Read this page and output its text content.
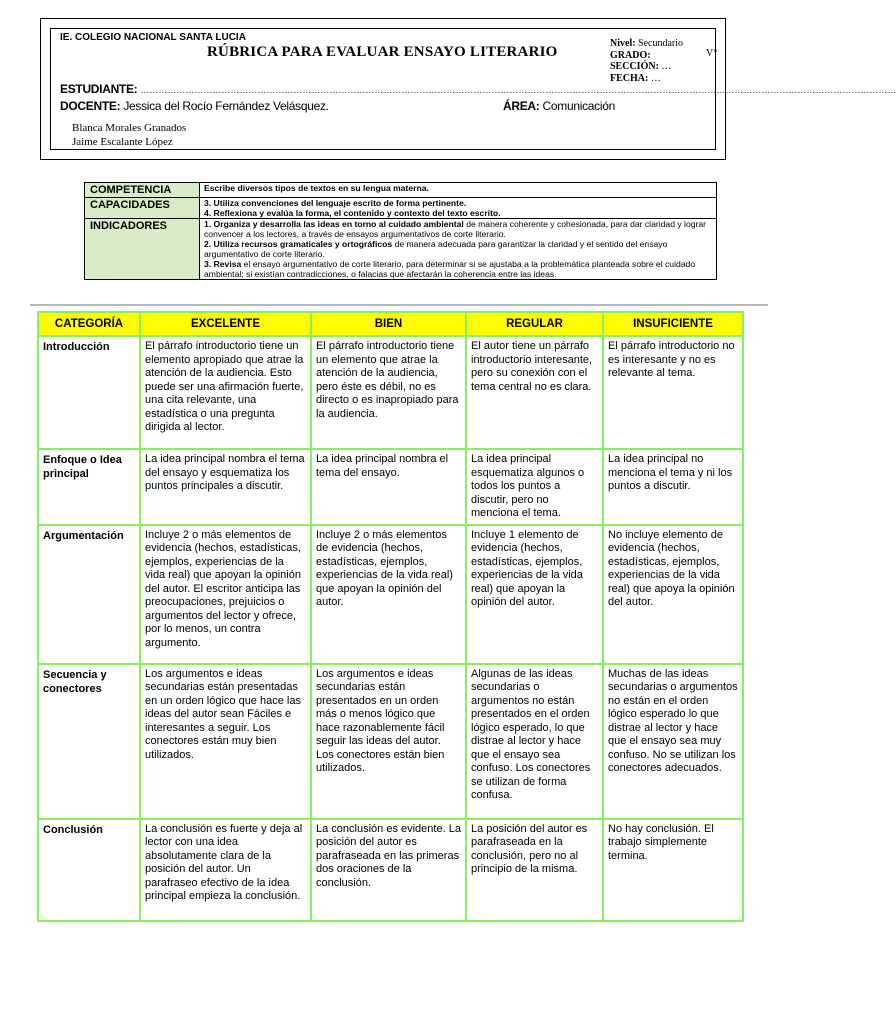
IE. COLEGIO NACIONAL SANTA LUCIA
RÚBRICA PARA EVALUAR ENSAYO LITERARIO
Nivel: Secundario
GRADO:
SECCIÓN: …
FECHA: …
V°
ESTUDIANTE: ………………………………………………………………………………………………………………………………………………………………………………………………………………………………
DOCENTE: Jessica del Rocío Fernández Velásquez.	ÁREA: Comunicación
Blanca Morales Granados
Jaime Escalante López
COMPETENCIA	Escribe diversos tipos de textos en su lengua materna.
CAPACIDADES	3. Utiliza convenciones del lenguaje escrito de forma pertinente.
4. Reflexiona y evalúa la forma, el contenido y contexto del texto escrito.

INDICADORES	1. Organiza y desarrolla las ideas en torno al cuidado ambiental de manera coherente y cohesionada, para dar claridad y lograr convencer a los lectores, a través de ensayos argumentativos de corte literario.
2. Utiliza recursos gramaticales y ortográficos de manera adecuada para garantizar la claridad y el sentido del ensayo argumentativo de corte literario.
3. Revisa el ensayo argumentativo de corte literario, para determinar si se ajustaba a la problemática planteada sobre el cuidado ambiental; si existían contradicciones, o falacias que afectarán la coherencia entre las ideas.
CATEGORÍA	EXCELENTE	BIEN	REGULAR	INSUFICIENTE
Introducción	El párrafo introductorio tiene un elemento apropiado que atrae la atención de la audiencia. Esto puede ser una afirmación fuerte, una cita relevante, una estadística o una pregunta dirigida al lector.	El párrafo introductorio tiene un elemento que atrae la atención de la audiencia, pero éste es débil, no es directo o es inapropiado para la audiencia.	El autor tiene un párrafo introductorio interesante, pero su conexión con el tema central no es clara.	El párrafo introductorio no es interesante y no es relevante al tema.
Enfoque o Idea principal	La idea principal nombra el tema del ensayo y esquematiza los puntos principales a discutir.	La idea principal nombra el tema del ensayo.	La idea principal esquematiza algunos o todos los puntos a discutir, pero no menciona el tema.	La idea principal no menciona el tema y ni los puntos a discutir.
Argumentación	Incluye 2 o más elementos de evidencia (hechos, estadísticas, ejemplos, experiencias de la vida real) que apoyan la opinión del autor. El escritor anticipa las preocupaciones, prejuicios o argumentos del lector y ofrece, por lo menos, un contra argumento.	Incluye 2 o más elementos de evidencia (hechos, estadísticas, ejemplos, experiencias de la vida real) que apoyan la opinión del autor.	Incluye 1 elemento de evidencia (hechos, estadísticas, ejemplos, experiencias de la vida real) que apoyan la opinión del autor.	No incluye elemento de evidencia (hechos, estadísticas, ejemplos, experiencias de la vida real) que apoya la opinión del autor.
Secuencia y conectores	Los argumentos e ideas secundarias están presentadas en un orden lógico que hace las ideas del autor sean Fáciles e interesantes a seguir. Los conectores están muy bien utilizados.	Los argumentos e ideas secundarias están presentados en un orden más o menos lógico que hace razonablemente fácil seguir las ideas del autor. Los conectores están bien utilizados.	Algunas de las ideas secundarias o argumentos no están presentados en el orden lógico esperado, lo que distrae al lector y hace que el ensayo sea confuso. Los conectores se utilizan de forma confusa.	Muchas de las ideas secundarias o argumentos no están en el orden lógico esperado lo que distrae al lector y hace que el ensayo sea muy confuso. No se utilizan los conectores adecuados.
Conclusión	La conclusión es fuerte y deja al lector con una idea absolutamente clara de la posición del autor. Un parafraseo efectivo de la idea principal empieza la conclusión.	La conclusión es evidente. La posición del autor es parafraseada en las primeras dos oraciones de la conclusión.	La posición del autor es parafraseada en la conclusión, pero no al principio de la misma.	No hay conclusión. El trabajo simplemente termina.
